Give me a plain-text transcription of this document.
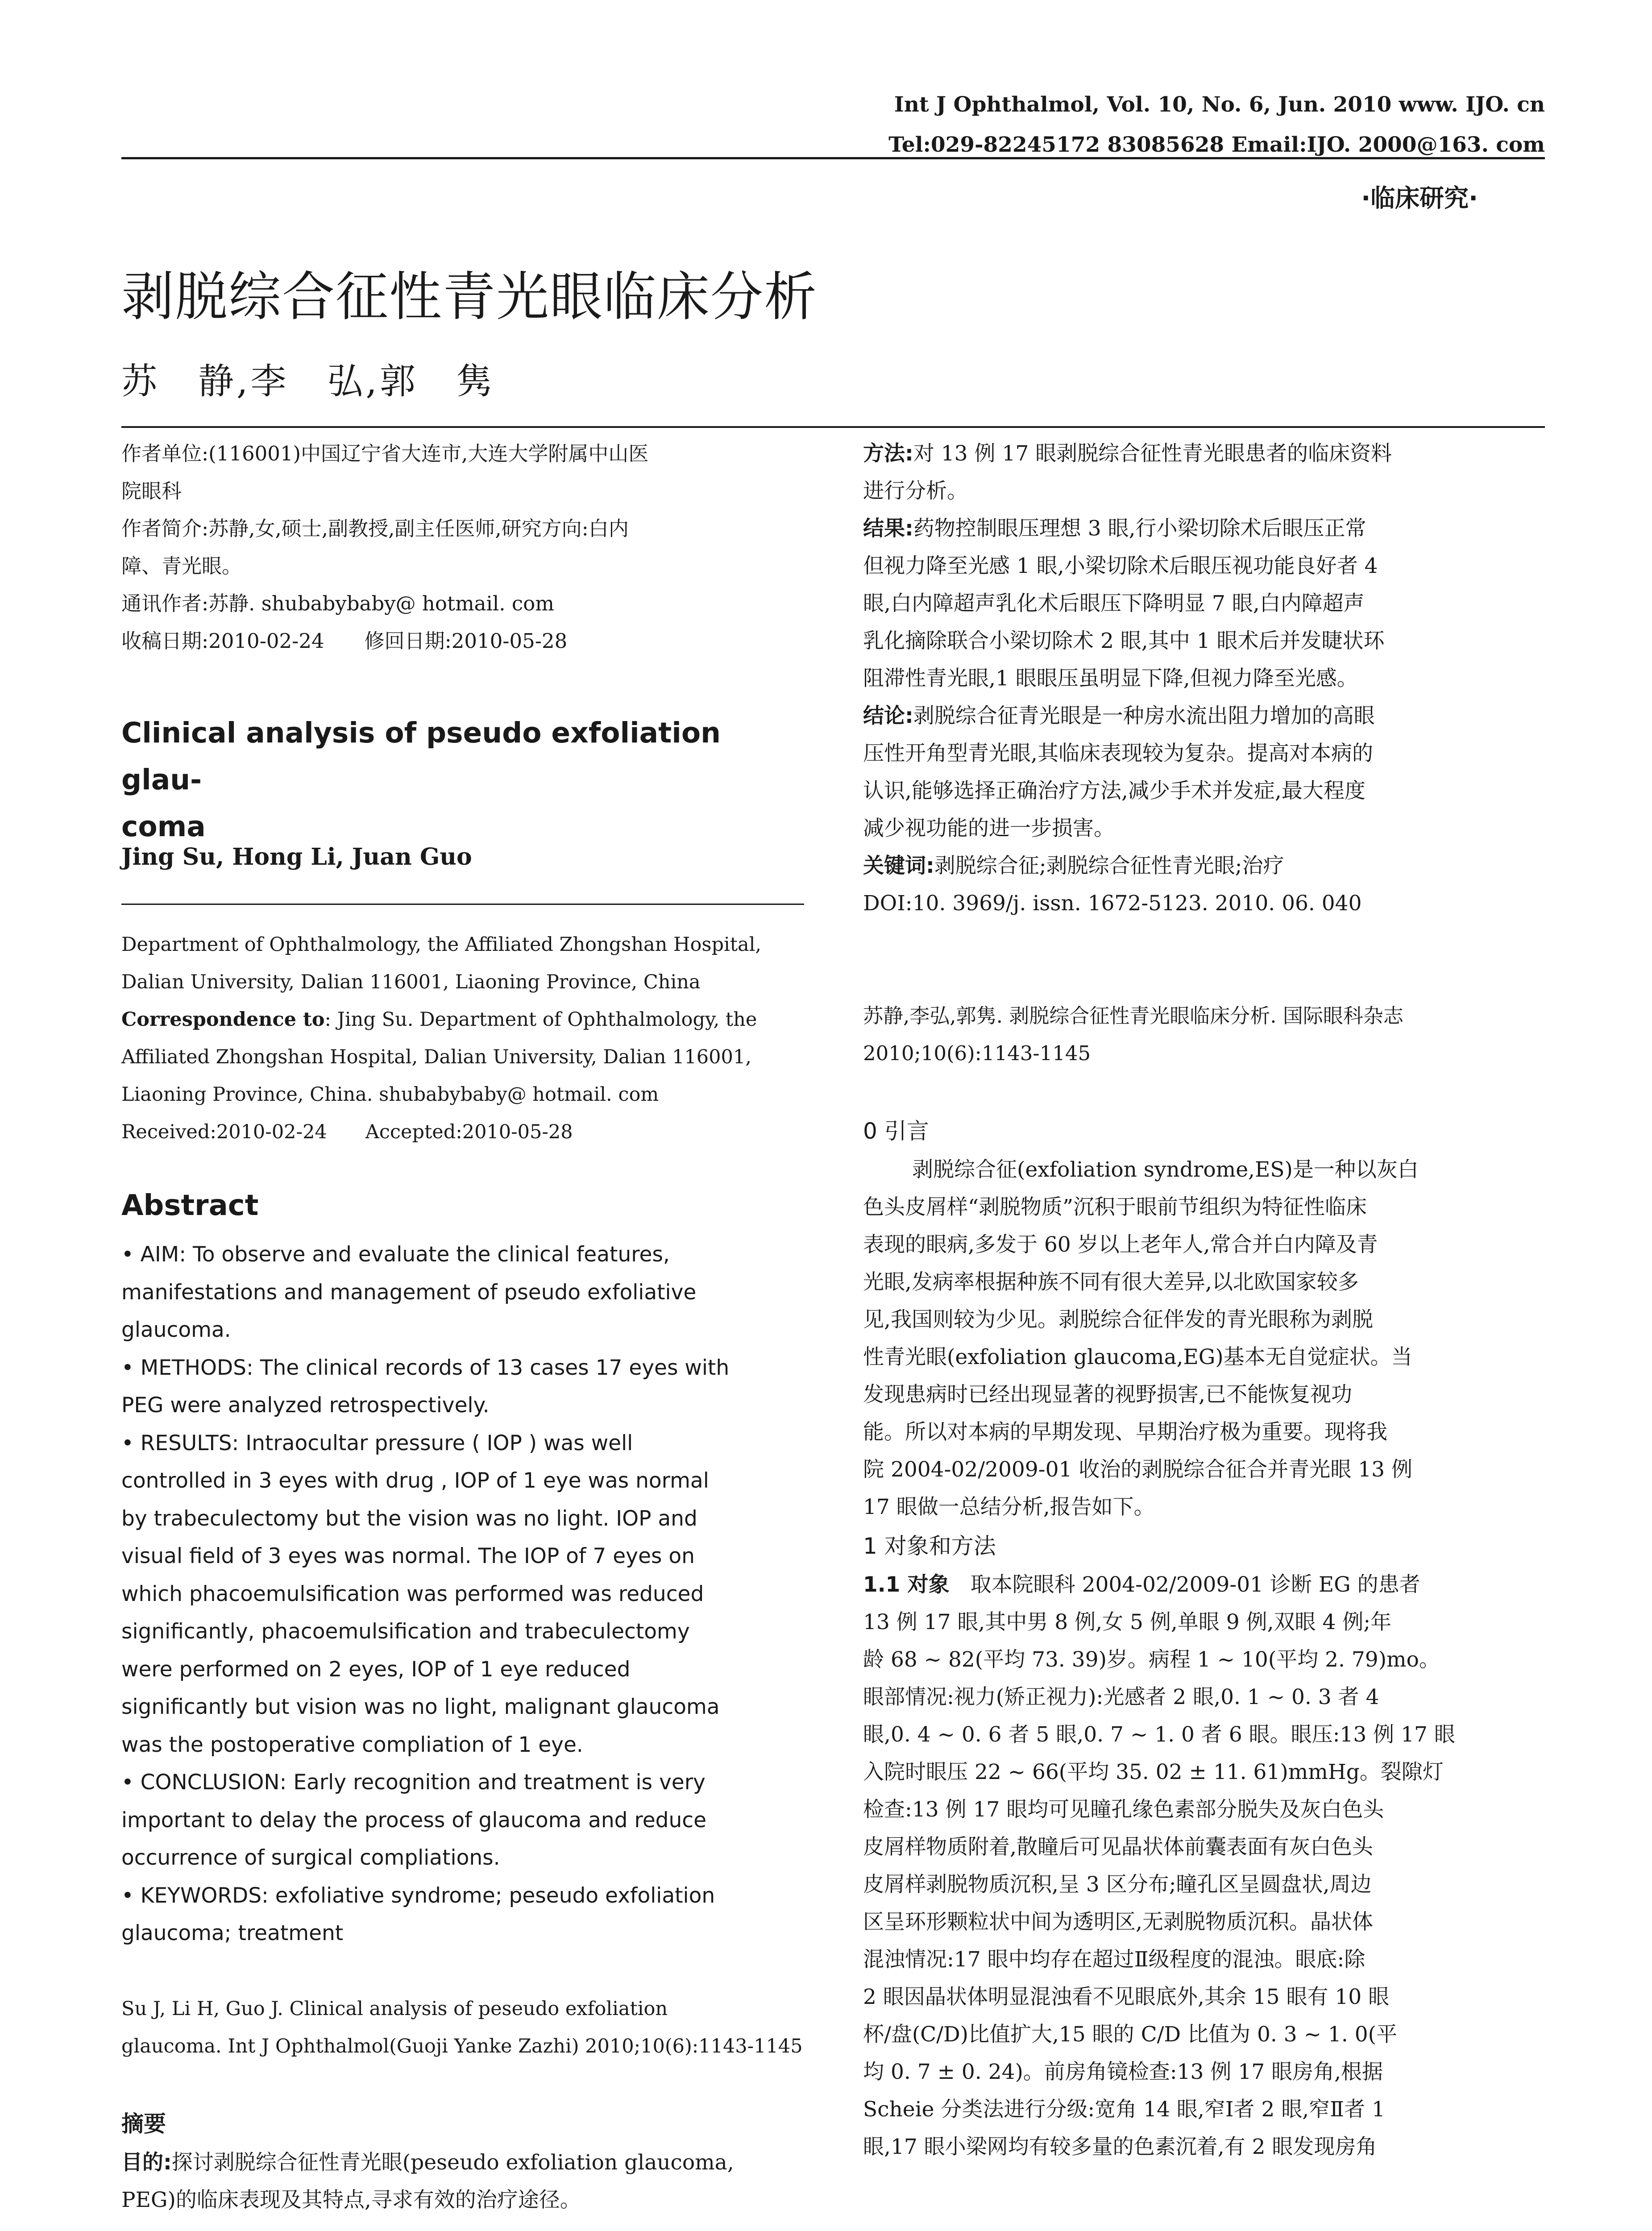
Int J Ophthalmol, Vol. 10, No. 6, Jun. 2010 www. IJO. cn
Tel:029-82245172 83085628 Email:IJO. 2000@163. com
·临床研究·
剥脱综合征性青光眼临床分析
苏　静,李　弘,郭　隽
作者单位:(116001)中国辽宁省大连市,大连大学附属中山医
院眼科
作者简介:苏静,女,硕士,副教授,副主任医师,研究方向:白内
障、青光眼。
通讯作者:苏静. shubabybaby@ hotmail. com
收稿日期:2010-02-24　　修回日期:2010-05-28
Clinical analysis of pseudo exfoliation glau-
coma
Jing Su, Hong Li, Juan Guo
Department of Ophthalmology, the Affiliated Zhongshan Hospital,
Dalian University, Dalian 116001, Liaoning Province, China
Correspondence to: Jing Su. Department of Ophthalmology, the
Affiliated Zhongshan Hospital, Dalian University, Dalian 116001,
Liaoning Province, China. shubabybaby@ hotmail. com
Received:2010-02-24　　Accepted:2010-05-28
Abstract
• AIM: To observe and evaluate the clinical features,
manifestations and management of pseudo exfoliative
glaucoma.
• METHODS: The clinical records of 13 cases 17 eyes with
PEG were analyzed retrospectively.
• RESULTS: Intraocultar pressure ( IOP ) was well
controlled in 3 eyes with drug , IOP of 1 eye was normal
by trabeculectomy but the vision was no light. IOP and
visual field of 3 eyes was normal. The IOP of 7 eyes on
which phacoemulsification was performed was reduced
significantly, phacoemulsification and trabeculectomy
were performed on 2 eyes, IOP of 1 eye reduced
significantly but vision was no light, malignant glaucoma
was the postoperative compliation of 1 eye.
• CONCLUSION: Early recognition and treatment is very
important to delay the process of glaucoma and reduce
occurrence of surgical compliations.
• KEYWORDS: exfoliative syndrome; peseudo exfoliation
glaucoma; treatment
Su J, Li H, Guo J. Clinical analysis of peseudo exfoliation
glaucoma. Int J Ophthalmol(Guoji Yanke Zazhi) 2010;10(6):1143-1145
摘要
目的:探讨剥脱综合征性青光眼(peseudo exfoliation glaucoma,
PEG)的临床表现及其特点,寻求有效的治疗途径。
方法:对 13 例 17 眼剥脱综合征性青光眼患者的临床资料
进行分析。
结果:药物控制眼压理想 3 眼,行小梁切除术后眼压正常
但视力降至光感 1 眼,小梁切除术后眼压视功能良好者 4
眼,白内障超声乳化术后眼压下降明显 7 眼,白内障超声
乳化摘除联合小梁切除术 2 眼,其中 1 眼术后并发睫状环
阻滞性青光眼,1 眼眼压虽明显下降,但视力降至光感。
结论:剥脱综合征青光眼是一种房水流出阻力增加的高眼
压性开角型青光眼,其临床表现较为复杂。提高对本病的
认识,能够选择正确治疗方法,减少手术并发症,最大程度
减少视功能的进一步损害。
关键词:剥脱综合征;剥脱综合征性青光眼;治疗
DOI:10. 3969/j. issn. 1672-5123. 2010. 06. 040
苏静,李弘,郭隽. 剥脱综合征性青光眼临床分析. 国际眼科杂志
2010;10(6):1143-1145
0 引言
剥脱综合征(exfoliation syndrome,ES)是一种以灰白
色头皮屑样“剥脱物质”沉积于眼前节组织为特征性临床
表现的眼病,多发于 60 岁以上老年人,常合并白内障及青
光眼,发病率根据种族不同有很大差异,以北欧国家较多
见,我国则较为少见。剥脱综合征伴发的青光眼称为剥脱
性青光眼(exfoliation glaucoma,EG)基本无自觉症状。当
发现患病时已经出现显著的视野损害,已不能恢复视功
能。所以对本病的早期发现、早期治疗极为重要。现将我
院 2004-02/2009-01 收治的剥脱综合征合并青光眼 13 例
17 眼做一总结分析,报告如下。
1 对象和方法
1.1 对象　 取本院眼科 2004-02/2009-01 诊断 EG 的患者
13 例 17 眼,其中男 8 例,女 5 例,单眼 9 例,双眼 4 例;年
龄 68 ~ 82(平均 73. 39)岁。病程 1 ~ 10(平均 2. 79)mo。
眼部情况:视力(矫正视力):光感者 2 眼,0. 1 ~ 0. 3 者 4
眼,0. 4 ~ 0. 6 者 5 眼,0. 7 ~ 1. 0 者 6 眼。眼压:13 例 17 眼
入院时眼压 22 ~ 66(平均 35. 02 ± 11. 61)mmHg。裂隙灯
检查:13 例 17 眼均可见瞳孔缘色素部分脱失及灰白色头
皮屑样物质附着,散瞳后可见晶状体前囊表面有灰白色头
皮屑样剥脱物质沉积,呈 3 区分布;瞳孔区呈圆盘状,周边
区呈环形颗粒状中间为透明区,无剥脱物质沉积。晶状体
混浊情况:17 眼中均存在超过Ⅱ级程度的混浊。眼底:除
2 眼因晶状体明显混浊看不见眼底外,其余 15 眼有 10 眼
杯/盘(C/D)比值扩大,15 眼的 C/D 比值为 0. 3 ~ 1. 0(平
均 0. 7 ± 0. 24)。前房角镜检查:13 例 17 眼房角,根据
Scheie 分类法进行分级:宽角 14 眼,窄Ⅰ者 2 眼,窄Ⅱ者 1
眼,17 眼小梁网均有较多量的色素沉着,有 2 眼发现房角
